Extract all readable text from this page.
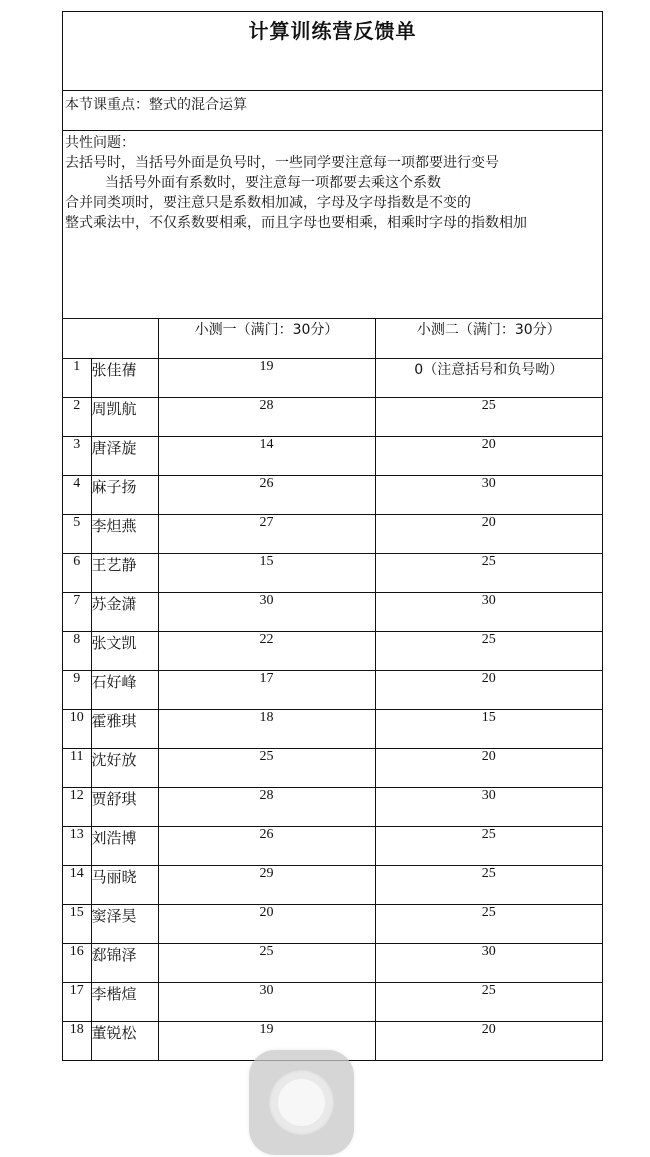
计算训练营反馈单
本节课重点：整式的混合运算
共性问题：
去括号时，当括号外面是负号时，一些同学要注意每一项都要进行变号
当括号外面有系数时，要注意每一项都要去乘这个系数
合并同类项时，要注意只是系数相加减，字母及字母指数是不变的
整式乘法中，不仅系数要相乘，而且字母也要相乘，相乘时字母的指数相加
		小测一（满门：30分）	小测二（满门：30分）
1	张佳蒨	19	0（注意括号和负号呦）
2	周凯航	28	25
3	唐泽旋	14	20
4	麻子扬	26	30
5	李炟燕	27	20
6	王艺静	15	25
7	苏金潇	30	30
8	张文凯	22	25
9	石好峰	17	20
10	霍雅琪	18	15
11	沈好放	25	20
12	贾舒琪	28	30
13	刘浩博	26	25
14	马丽晓	29	25
15	窦泽昊	20	25
16	郄锦泽	25	30
17	李楷煊	30	25
18	董锐松	19	20
